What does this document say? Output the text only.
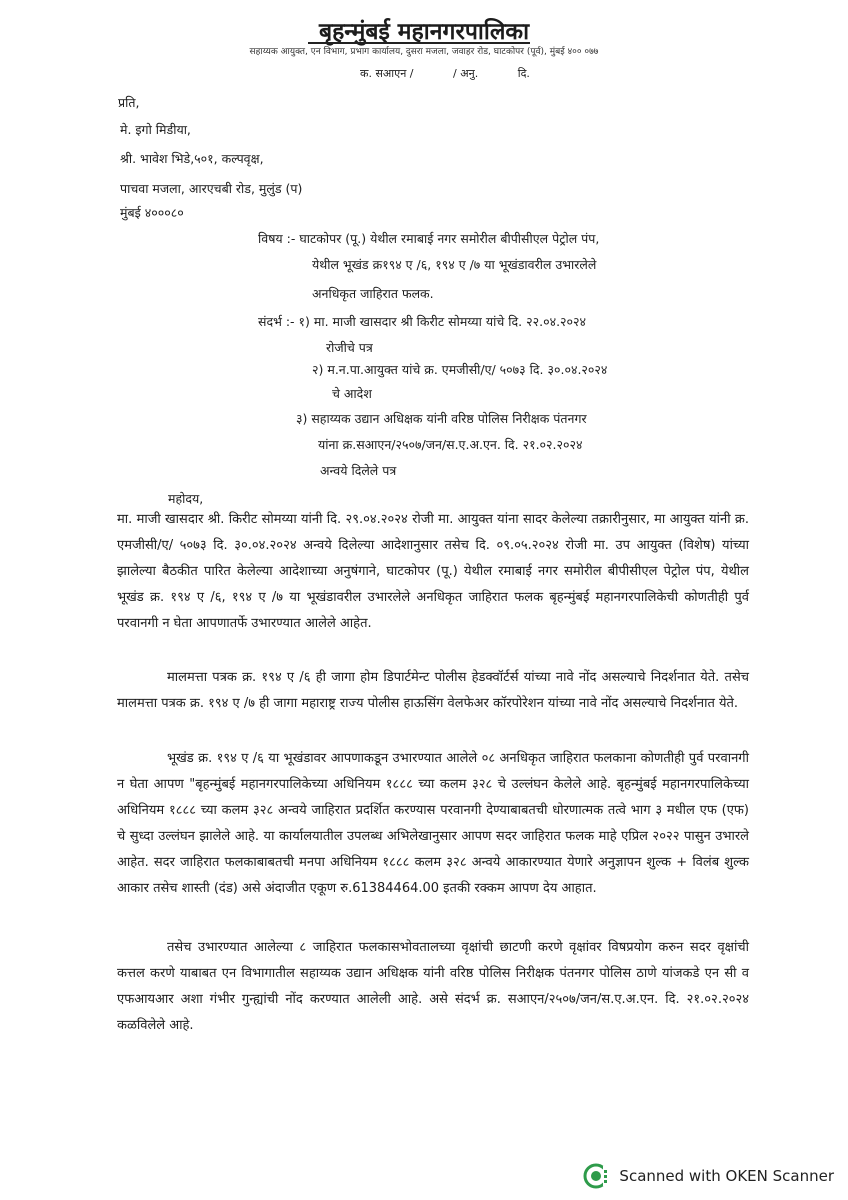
बृहन्मुंबई महानगरपालिका
सहाय्यक आयुक्त, एन विभाग, प्रभाग कार्यालय, दुसरा मजला, जवाहर रोड, घाटकोपर (पूर्व), मुंबई ४०० ०७७
क. सआएन /	/ अनु.	दि.
प्रति,
मे. इगो मिडीया,
श्री. भावेश भिडे,५०१, कल्पवृक्ष,
पाचवा मजला, आरएचबी रोड, मुलुंड (प)
मुंबई ४०००८०
विषय :- घाटकोपर (पू.) येथील रमाबाई नगर समोरील बीपीसीएल पेट्रोल पंप,
येथील भूखंड क्र१९४ ए /६, १९४ ए /७ या भूखंडावरील उभारलेले
अनधिकृत जाहिरात फलक.
संदर्भ :- १) मा. माजी खासदार श्री किरीट सोमय्या यांचे दि. २२.०४.२०२४
रोजीचे पत्र
२) म.न.पा.आयुक्त यांचे क्र. एमजीसी/ए/ ५०७३ दि. ३०.०४.२०२४
चे आदेश
३) सहाय्यक उद्यान अधिक्षक यांनी वरिष्ठ पोलिस निरीक्षक पंतनगर
यांना क्र.सआएन/२५०७/जन/स.ए.अ.एन. दि. २१.०२.२०२४
अन्वये दिलेले पत्र
महोदय,
मा. माजी खासदार श्री. किरीट सोमय्या यांनी दि. २९.०४.२०२४ रोजी मा. आयुक्त यांना सादर केलेल्या तक्रारीनुसार, मा आयुक्त यांनी क्र. एमजीसी/ए/ ५०७३ दि. ३०.०४.२०२४ अन्वये दिलेल्या आदेशानुसार तसेच दि. ०९.०५.२०२४ रोजी मा. उप आयुक्त (विशेष) यांच्या झालेल्या बैठकीत पारित केलेल्या आदेशाच्या अनुषंगाने, घाटकोपर (पू.) येथील रमाबाई नगर समोरील बीपीसीएल पेट्रोल पंप, येथील भूखंड क्र. १९४ ए /६, १९४ ए /७ या भूखंडावरील उभारलेले अनधिकृत जाहिरात फलक बृहन्मुंबई महानगरपालिकेची कोणतीही पुर्व परवानगी न घेता आपणातर्फे उभारण्यात आलेले आहेत.
मालमत्ता पत्रक क्र. १९४ ए /६ ही जागा होम डिपार्टमेन्ट पोलीस हेडक्वॉर्टर्स यांच्या नावे नोंद असल्याचे निदर्शनात येते. तसेच मालमत्ता पत्रक क्र. १९४ ए /७ ही जागा महाराष्ट्र राज्य पोलीस हाऊसिंग वेलफेअर कॉरपोरेशन यांच्या नावे नोंद असल्याचे निदर्शनात येते.
भूखंड क्र. १९४ ए /६ या भूखंडावर आपणाकडून उभारण्यात आलेले ०८ अनधिकृत जाहिरात फलकाना कोणतीही पुर्व परवानगी न घेता आपण "बृहन्मुंबई महानगरपालिकेच्या अधिनियम १८८८ च्या कलम ३२८ चे उल्लंघन केलेले आहे. बृहन्मुंबई महानगरपालिकेच्या अधिनियम १८८८ च्या कलम ३२८ अन्वये जाहिरात प्रदर्शित करण्यास परवानगी देण्याबाबतची धोरणात्मक तत्वे भाग ३ मधील एफ (एफ) चे सुध्दा उल्लंघन झालेले आहे. या कार्यालयातील उपलब्ध अभिलेखानुसार आपण सदर जाहिरात फलक माहे एप्रिल २०२२ पासुन उभारले आहेत. सदर जाहिरात फलकाबाबतची मनपा अधिनियम १८८८ कलम ३२८ अन्वये आकारण्यात येणारे अनुज्ञापन शुल्क + विलंब शुल्क आकार तसेच शास्ती (दंड) असे अंदाजीत एकूण रु.61384464.00 इतकी रक्कम आपण देय आहात.
तसेच उभारण्यात आलेल्या ८ जाहिरात फलकासभोवतालच्या वृक्षांची छाटणी करणे वृक्षांवर विषप्रयोग करुन सदर वृक्षांची कत्तल करणे याबाबत एन विभागातील सहाय्यक उद्यान अधिक्षक यांनी वरिष्ठ पोलिस निरीक्षक पंतनगर पोलिस ठाणे यांजकडे एन सी व एफआयआर अशा गंभीर गुन्ह्यांची नोंद करण्यात आलेली आहे. असे संदर्भ क्र. सआएन/२५०७/जन/स.ए.अ.एन. दि. २१.०२.२०२४ कळविलेले आहे.
Scanned with OKEN Scanner
